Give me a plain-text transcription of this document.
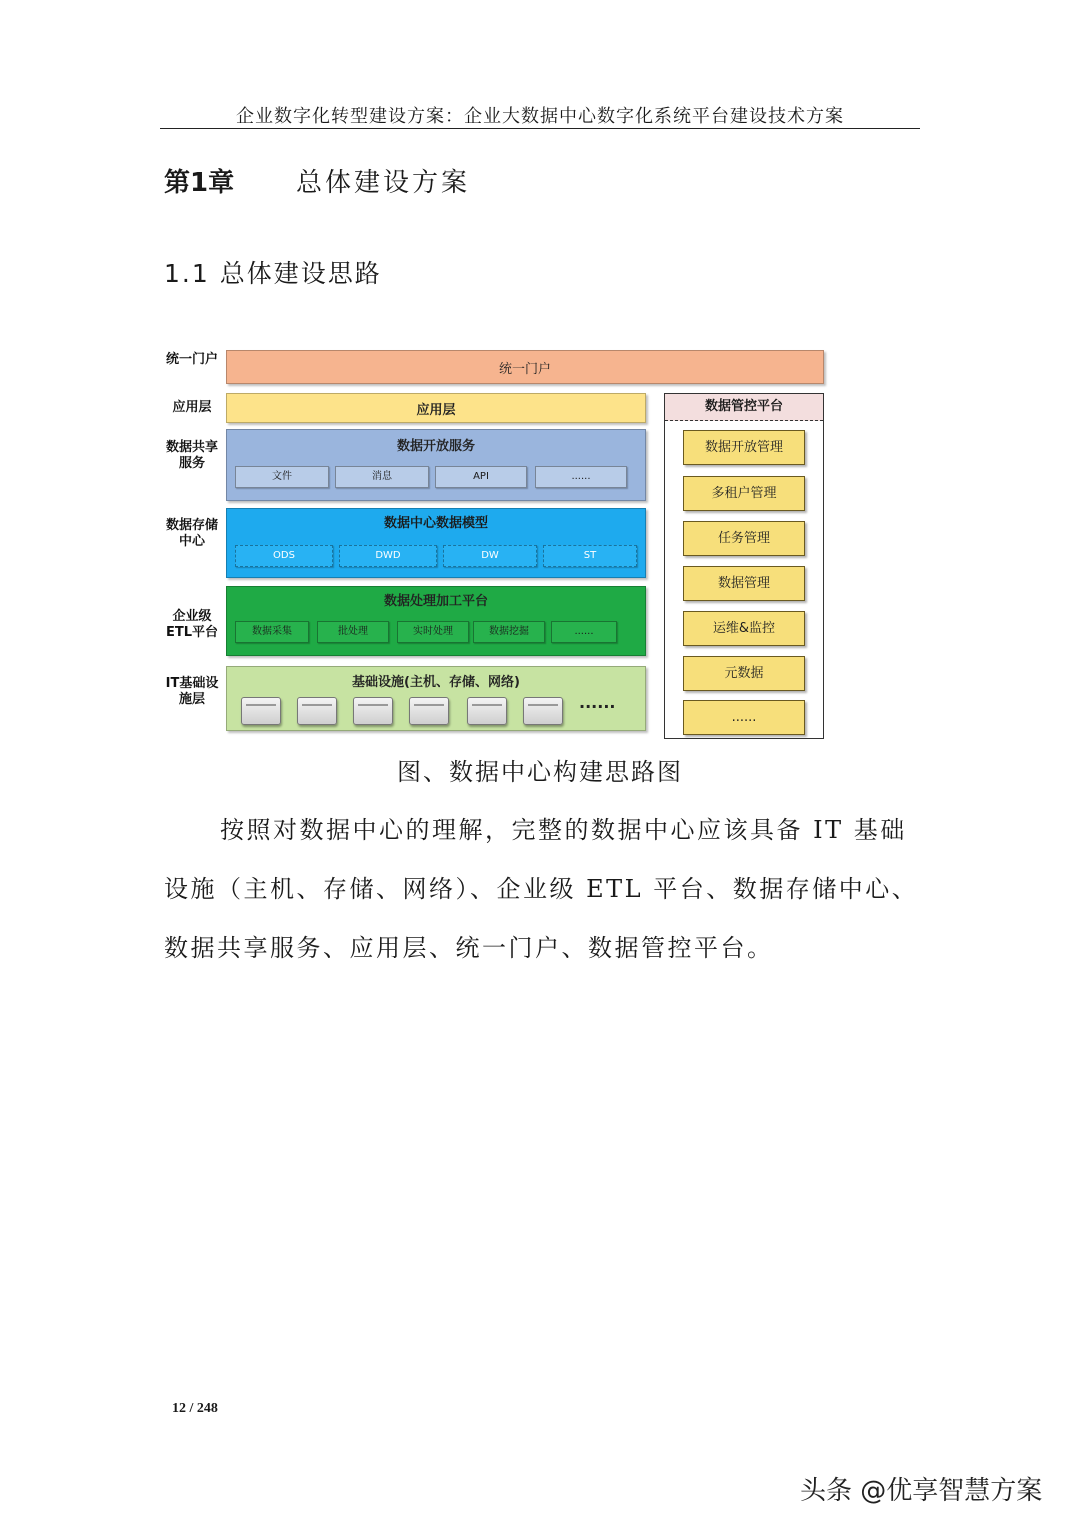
企业数字化转型建设方案：企业大数据中心数字化系统平台建设技术方案
第1章 总体建设方案
1.1 总体建设思路
统一门户
应用层
数据共享服务
数据存储中心
企业级ETL平台
IT基础设施层
统一门户
应用层
数据开放服务
文件	消息	API	......
数据中心数据模型
ODS	DWD	DW	ST
数据处理加工平台
数据采集	批处理	实时处理	数据挖掘	......
基础设施(主机、存储、网络)
......
数据管控平台
数据开放管理
多租户管理
任务管理
数据管理
运维&监控
元数据
......
图、数据中心构建思路图
按照对数据中心的理解，完整的数据中心应该具备 IT 基础
设施（主机、存储、网络）、企业级 ETL 平台、数据存储中心、
数据共享服务、应用层、统一门户、数据管控平台。
12 / 248
头条 @优享智慧方案
